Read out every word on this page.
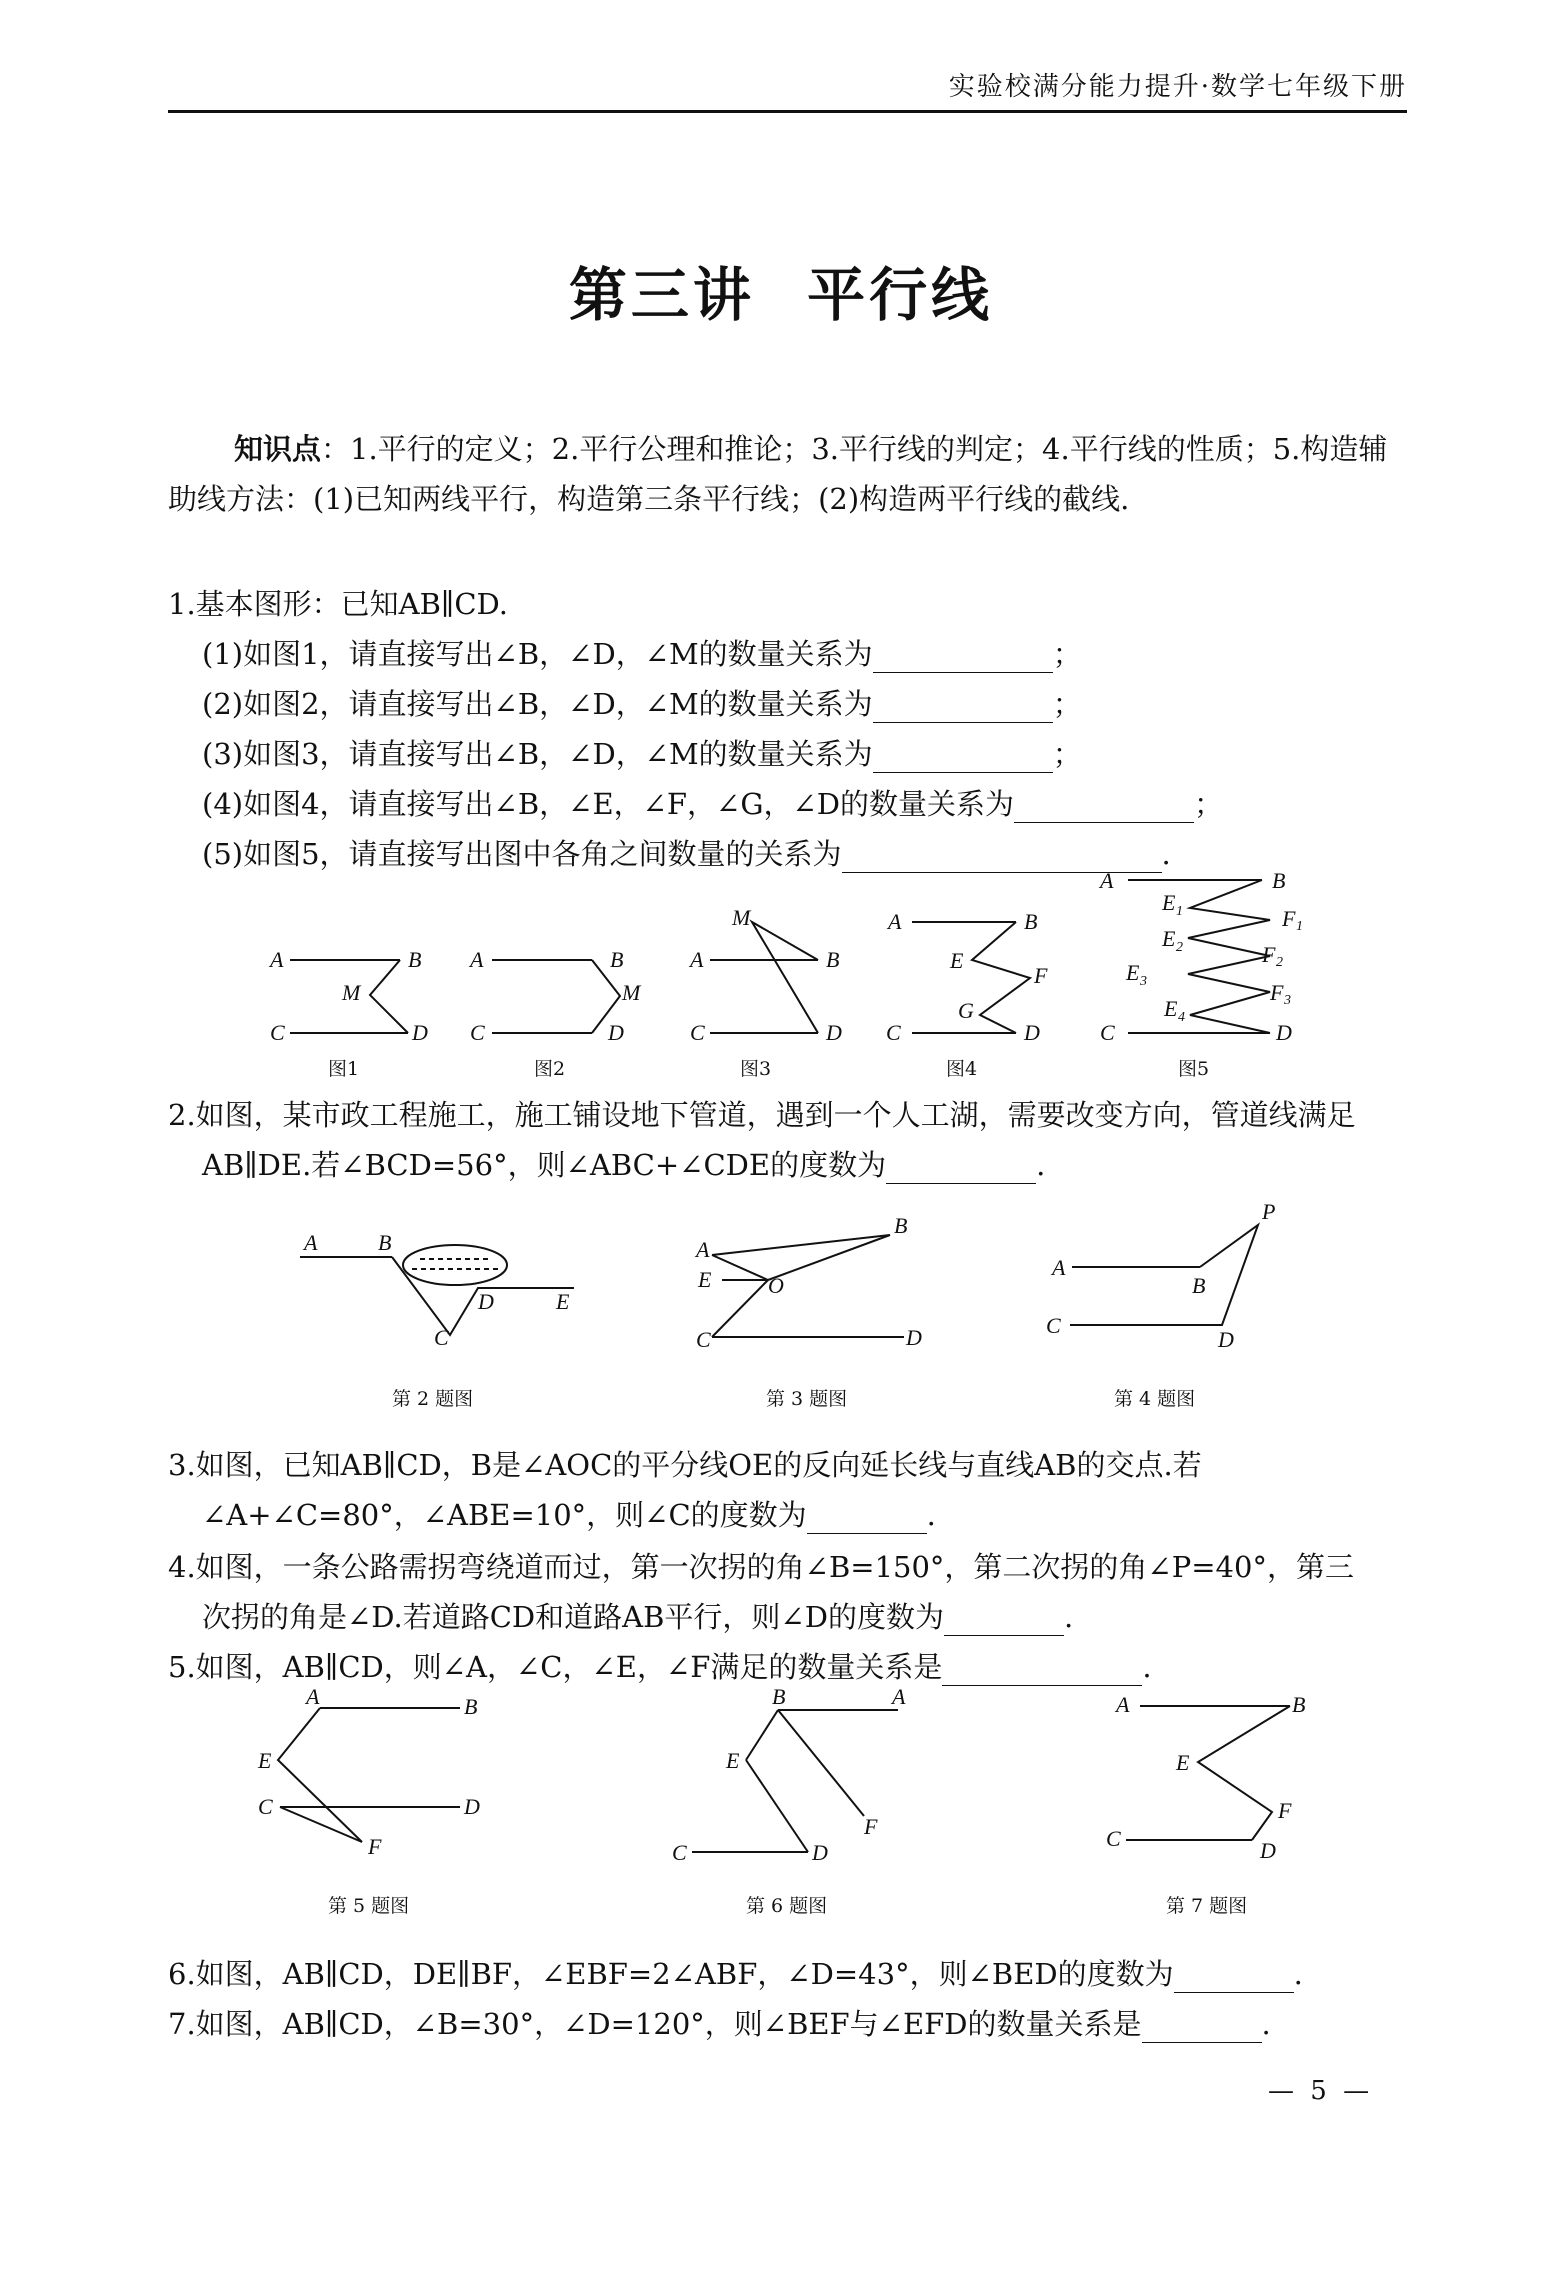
实验校满分能力提升·数学七年级下册
第三讲 平行线
知识点：1.平行的定义；2.平行公理和推论；3.平行线的判定；4.平行线的性质；5.构造辅助线方法：(1)已知两线平行，构造第三条平行线；(2)构造两平行线的截线.
1.基本图形：已知AB∥CD.
(1)如图1，请直接写出∠B，∠D，∠M的数量关系为	；
(2)如图2，请直接写出∠B，∠D，∠M的数量关系为	；
(3)如图3，请直接写出∠B，∠D，∠M的数量关系为	；
(4)如图4，请直接写出∠B，∠E，∠F，∠G，∠D的数量关系为	；
(5)如图5，请直接写出图中各角之间数量的关系为	.
A	B
M
C	D
图1
A	B
M
C	D
图2
A	B
M
C	D
图3
A	B
E
F
G
C	D
图4
A	B
E 1	F 1
E 2	F 2
E 3	F 3
E 4
C	D
图5
2.如图，某市政工程施工，施工铺设地下管道，遇到一个人工湖，需要改变方向，管道线满足
AB∥DE.若∠BCD=56°，则∠ABC+∠CDE的度数为	.
A	B
C
D	E
第 2 题图
A
B
E	O
C	D
第 3 题图
A
B
P
C
D
第 4 题图
3.如图，已知AB∥CD，B是∠AOC的平分线OE的反向延长线与直线AB的交点.若
∠A+∠C=80°，∠ABE=10°，则∠C的度数为	.
4.如图，一条公路需拐弯绕道而过，第一次拐的角∠B=150°，第二次拐的角∠P=40°，第三
次拐的角是∠D.若道路CD和道路AB平行，则∠D的度数为	.
5.如图，AB∥CD，则∠A，∠C，∠E，∠F满足的数量关系是	.
A	B
E
C	D
F
第 5 题图
B	A
E
F
C	D
第 6 题图
A	B
E
F
C	D
第 7 题图
6.如图，AB∥CD，DE∥BF，∠EBF=2∠ABF，∠D=43°，则∠BED的度数为	.
7.如图，AB∥CD，∠B=30°，∠D=120°，则∠BEF与∠EFD的数量关系是	.
— 5 —
